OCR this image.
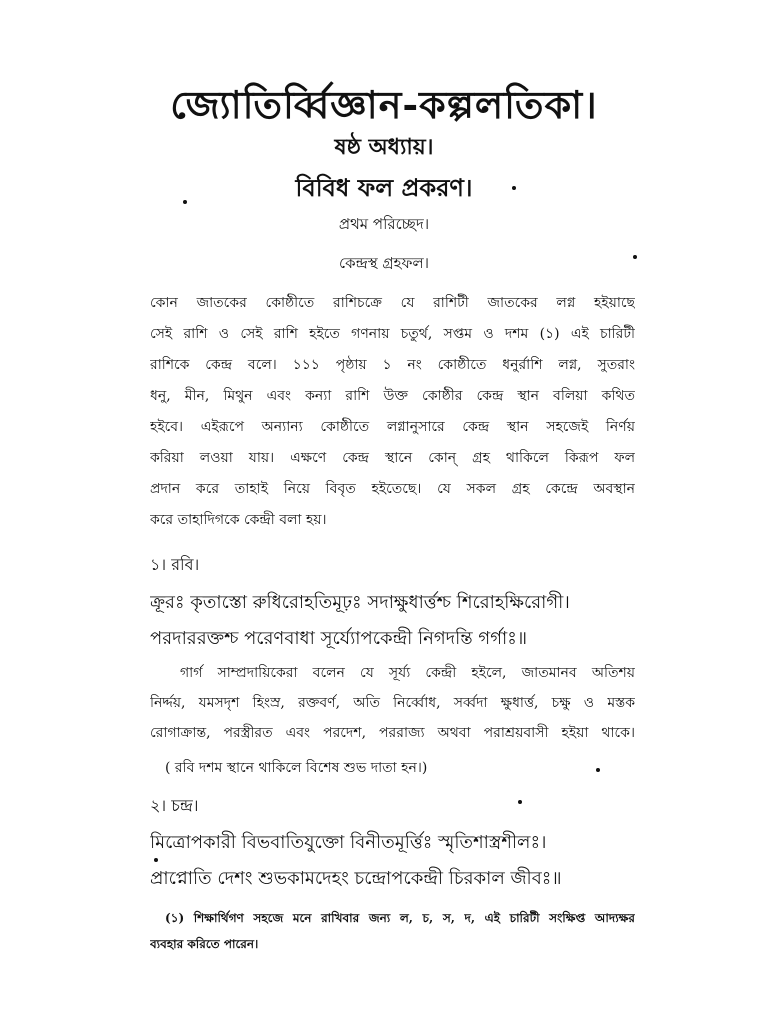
জ্যোতির্ব্বিজ্ঞান-কল্পলতিকা।
ষষ্ঠ অধ্যায়।
বিবিধ ফল প্রকরণ।
প্রথম পরিচ্ছেদ।
কেন্দ্রস্থ গ্রহফল।
কোন জাতকের কোষ্ঠীতে রাশিচক্রে যে রাশিটী জাতকের লগ্ন হইয়াছে
সেই রাশি ও সেই রাশি হইতে গণনায় চতুর্থ, সপ্তম ও দশম (১) এই চারিটী
রাশিকে কেন্দ্র বলে। ১১১ পৃষ্ঠায় ১ নং কোষ্ঠীতে ধনুর্রাশি লগ্ন, সুতরাং
ধনু, মীন, মিথুন এবং কন্যা রাশি উক্ত কোষ্ঠীর কেন্দ্র স্থান বলিয়া কথিত
হইবে। এইরূপে অন্যান্য কোষ্ঠীতে লগ্নানুসারে কেন্দ্র স্থান সহজেই নির্ণয়
করিয়া লওয়া যায়। এক্ষণে কেন্দ্র স্থানে কোন্ গ্রহ থাকিলে কিরূপ ফল
প্রদান করে তাহাই নিয়ে বিবৃত হইতেছে। যে সকল গ্রহ কেন্দ্রে অবস্থান
করে তাহাদিগকে কেন্দ্রী বলা হয়।
১। রবি।
ক্রূরঃ কৃতাস্তো রুধিরোহতিমূঢ়ঃ সদাক্ষুধার্ত্তশ্চ শিরোহক্ষিরোগী।
পরদাররক্তশ্চ পরেণবাধা সূর্য্যোপকেন্দ্রী নিগদন্তি গর্গাঃ॥
গার্গ সাম্প্রদায়িকেরা বলেন যে সূর্য্য কেন্দ্রী হইলে, জাতমানব অতিশয়
নির্দ্দয়, যমসদৃশ হিংস্র, রক্তবর্ণ, অতি নির্ব্বোধ, সর্ব্বদা ক্ষুধার্ত্ত, চক্ষু ও মস্তক
রোগাক্রান্ত, পরস্ত্রীরত এবং পরদেশ, পররাজ্য অথবা পরাশ্রয়বাসী হইয়া থাকে।
( রবি দশম স্থানে থাকিলে বিশেষ শুভ দাতা হন।)
২। চন্দ্র।
মিত্রোপকারী বিভবাতিযুক্তো বিনীতমূর্ত্তিঃ স্মৃতিশাস্ত্রশীলঃ।
প্রাপ্নোতি দেশং শুভকামদেহং চন্দ্রোপকেন্দ্রী চিরকাল জীবঃ॥
(১) শিক্ষার্থিগণ সহজে মনে রাখিবার জন্য ল, চ, স, দ, এই চারিটী সংক্ষিপ্ত আদ্যক্ষর
ব্যবহার করিতে পারেন।
